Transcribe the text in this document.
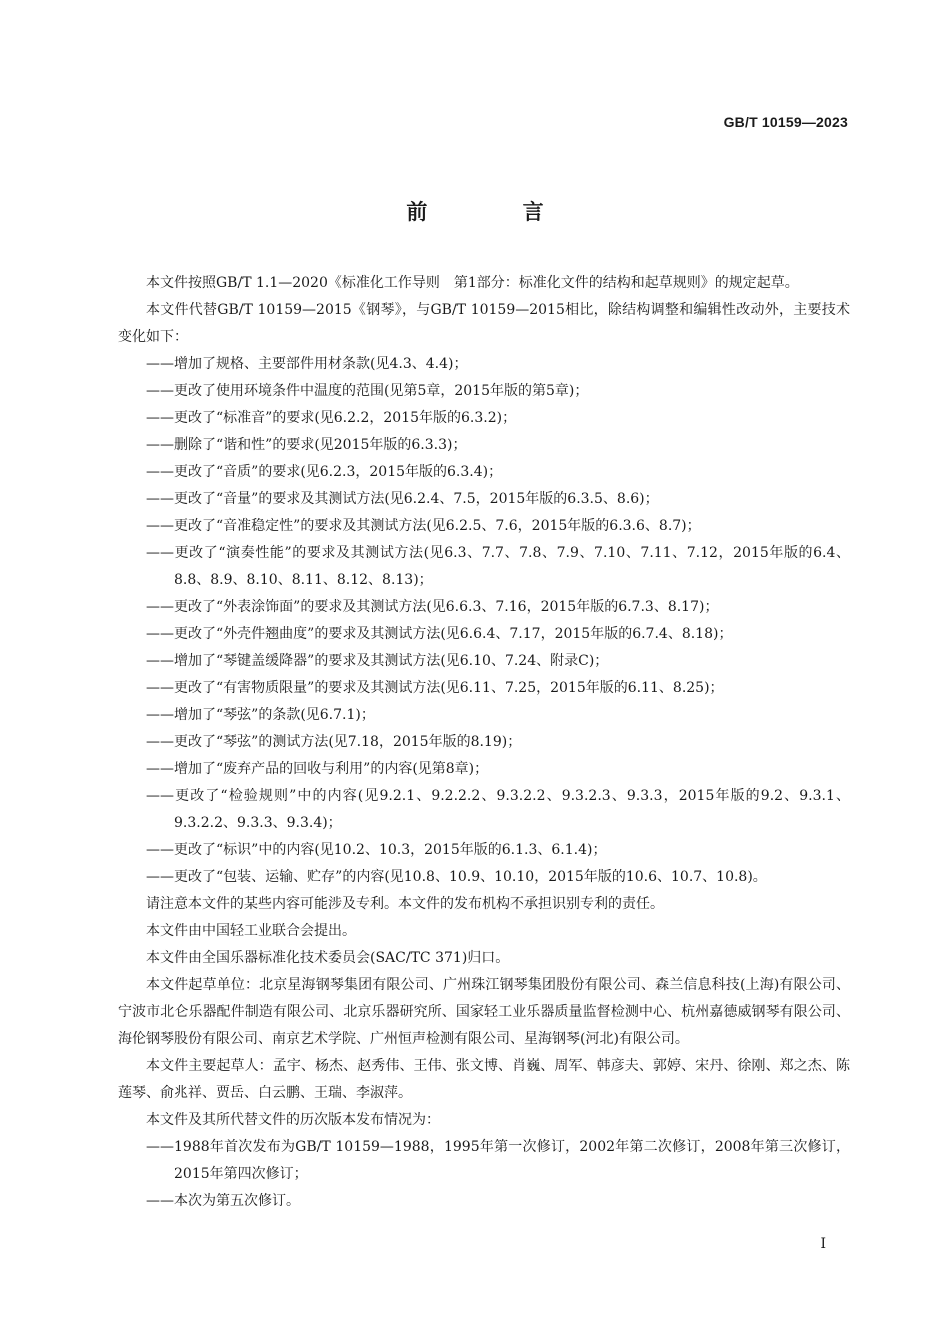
GB/T 10159—2023
前 言

本文件按照GB/T 1.1—2020《标准化工作导则　第1部分：标准化文件的结构和起草规则》的规定起草。

本文件代替GB/T 10159—2015《钢琴》，与GB/T 10159—2015相比，除结构调整和编辑性改动外，主要技术变化如下：

——增加了规格、主要部件用材条款(见4.3、4.4)；

——更改了使用环境条件中温度的范围(见第5章，2015年版的第5章)；

——更改了“标准音”的要求(见6.2.2，2015年版的6.3.2)；

——删除了“谐和性”的要求(见2015年版的6.3.3)；

——更改了“音质”的要求(见6.2.3，2015年版的6.3.4)；

——更改了“音量”的要求及其测试方法(见6.2.4、7.5，2015年版的6.3.5、8.6)；

——更改了“音准稳定性”的要求及其测试方法(见6.2.5、7.6，2015年版的6.3.6、8.7)；

——更改了“演奏性能”的要求及其测试方法(见6.3、7.7、7.8、7.9、7.10、7.11、7.12，2015年版的6.4、8.8、8.9、8.10、8.11、8.12、8.13)；

——更改了“外表涂饰面”的要求及其测试方法(见6.6.3、7.16，2015年版的6.7.3、8.17)；

——更改了“外壳件翘曲度”的要求及其测试方法(见6.6.4、7.17，2015年版的6.7.4、8.18)；

——增加了“琴键盖缓降器”的要求及其测试方法(见6.10、7.24、附录C)；

——更改了“有害物质限量”的要求及其测试方法(见6.11、7.25，2015年版的6.11、8.25)；

——增加了“琴弦”的条款(见6.7.1)；

——更改了“琴弦”的测试方法(见7.18，2015年版的8.19)；

——增加了“废弃产品的回收与利用”的内容(见第8章)；

——更改了“检验规则”中的内容(见9.2.1、9.2.2.2、9.3.2.2、9.3.2.3、9.3.3，2015年版的9.2、9.3.1、9.3.2.2、9.3.3、9.3.4)；

——更改了“标识”中的内容(见10.2、10.3，2015年版的6.1.3、6.1.4)；

——更改了“包装、运输、贮存”的内容(见10.8、10.9、10.10，2015年版的10.6、10.7、10.8)。

请注意本文件的某些内容可能涉及专利。本文件的发布机构不承担识别专利的责任。

本文件由中国轻工业联合会提出。

本文件由全国乐器标准化技术委员会(SAC/TC 371)归口。

本文件起草单位：北京星海钢琴集团有限公司、广州珠江钢琴集团股份有限公司、森兰信息科技(上海)有限公司、宁波市北仑乐器配件制造有限公司、北京乐器研究所、国家轻工业乐器质量监督检测中心、杭州嘉德威钢琴有限公司、海伦钢琴股份有限公司、南京艺术学院、广州恒声检测有限公司、星海钢琴(河北)有限公司。

本文件主要起草人：孟宇、杨杰、赵秀伟、王伟、张文博、肖巍、周军、韩彦夫、郭婷、宋丹、徐刚、郑之杰、陈莲琴、俞兆祥、贾岳、白云鹏、王瑞、李淑萍。

本文件及其所代替文件的历次版本发布情况为：

——1988年首次发布为GB/T 10159—1988，1995年第一次修订，2002年第二次修订，2008年第三次修订，2015年第四次修订；

——本次为第五次修订。

I
